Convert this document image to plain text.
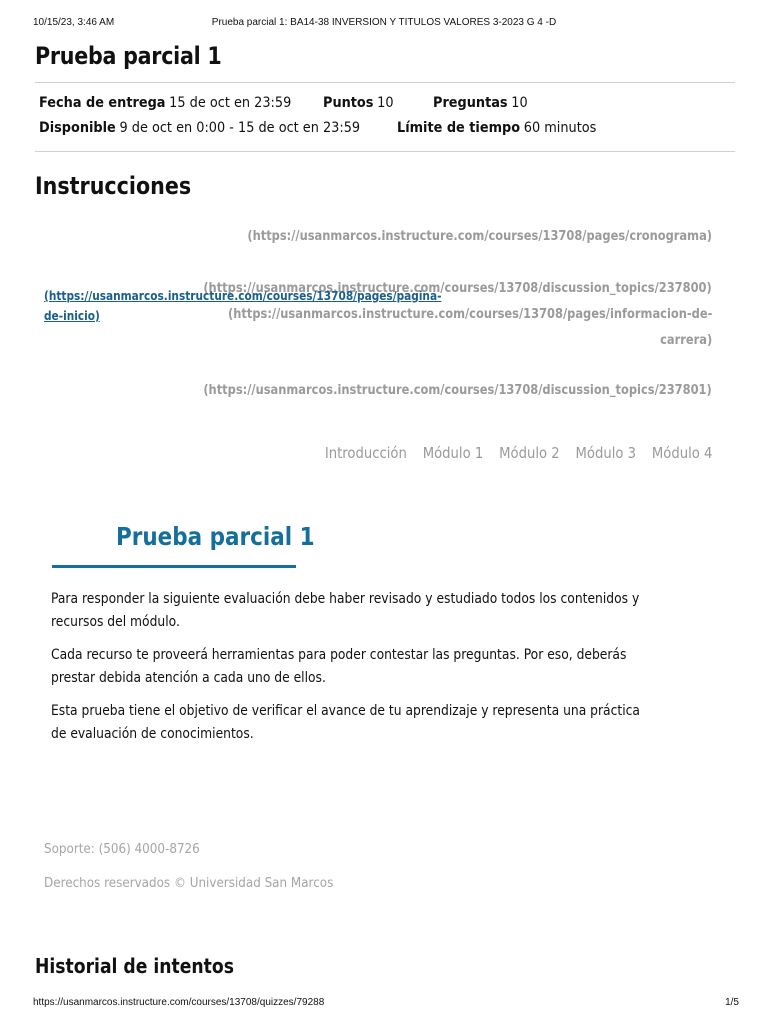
10/15/23, 3:46 AM	Prueba parcial 1: BA14-38 INVERSION Y TITULOS VALORES 3-2023 G 4 -D
Prueba parcial 1
Fecha de entrega 15 de oct en 23:59 Puntos 10	Preguntas 10
Disponible 9 de oct en 0:00 - 15 de oct en 23:59	Límite de tiempo 60 minutos
Instrucciones
(https://usanmarcos.instructure.com/courses/13708/pages/cronograma)
(https://usanmarcos.instructure.com/courses/13708/discussion_topics/237800)
(https://usanmarcos.instructure.com/courses/13708/pages/pagina-de-inicio)	(https://usanmarcos.instructure.com/courses/13708/pages/informacion-de-
carrera)
(https://usanmarcos.instructure.com/courses/13708/discussion_topics/237801)
Introducción Módulo 1 Módulo 2 Módulo 3 Módulo 4
Prueba parcial 1
Para responder la siguiente evaluación debe haber revisado y estudiado todos los contenidos y recursos del módulo.
Cada recurso te proveerá herramientas para poder contestar las preguntas. Por eso, deberás prestar debida atención a cada uno de ellos.
Esta prueba tiene el objetivo de verificar el avance de tu aprendizaje y representa una práctica de evaluación de conocimientos.
Soporte: (506) 4000-8726
Derechos reservados © Universidad San Marcos
Historial de intentos
https://usanmarcos.instructure.com/courses/13708/quizzes/79288	1/5
